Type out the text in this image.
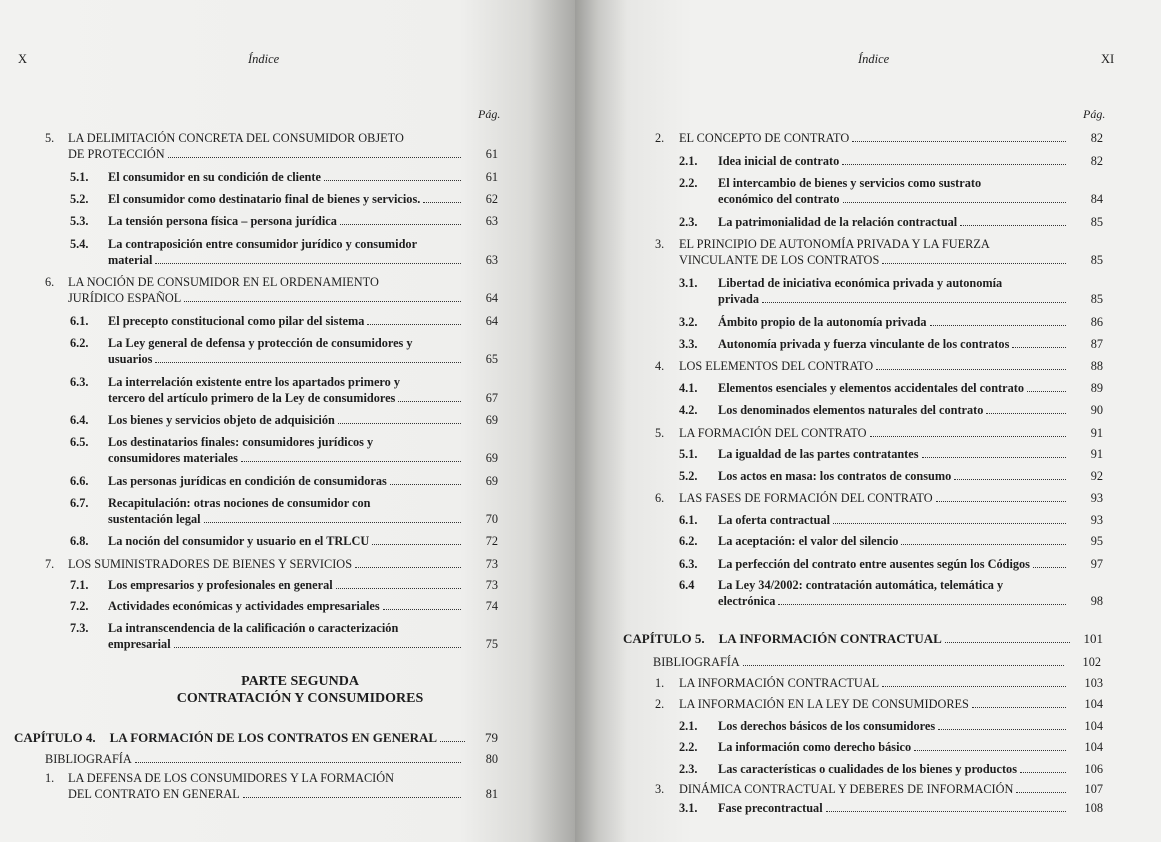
X	Índice
Pág.
5. LA DELIMITACIÓN CONCRETA DEL CONSUMIDOR OBJETO
DE PROTECCIÓN	61
5.1. El consumidor en su condición de cliente	61
5.2. El consumidor como destinatario final de bienes y servicios.	62
5.3. La tensión persona física – persona jurídica	63
5.4. La contraposición entre consumidor jurídico y consumidor
material	63
6. LA NOCIÓN DE CONSUMIDOR EN EL ORDENAMIENTO
JURÍDICO ESPAÑOL	64
6.1. El precepto constitucional como pilar del sistema	64
6.2. La Ley general de defensa y protección de consumidores y
usuarios	65
6.3. La interrelación existente entre los apartados primero y
tercero del artículo primero de la Ley de consumidores	67
6.4. Los bienes y servicios objeto de adquisición	69
6.5. Los destinatarios finales: consumidores jurídicos y
consumidores materiales	69
6.6. Las personas jurídicas en condición de consumidoras	69
6.7. Recapitulación: otras nociones de consumidor con
sustentación legal	70
6.8. La noción del consumidor y usuario en el TRLCU	72
7. LOS SUMINISTRADORES DE BIENES Y SERVICIOS	73
7.1. Los empresarios y profesionales en general	73
7.2. Actividades económicas y actividades empresariales	74
7.3. La intranscendencia de la calificación o caracterización
empresarial	75
PARTE SEGUNDA
CONTRATACIÓN Y CONSUMIDORES
CAPÍTULO 4. LA FORMACIÓN DE LOS CONTRATOS EN GENERAL	79
BIBLIOGRAFÍA	80
1. LA DEFENSA DE LOS CONSUMIDORES Y LA FORMACIÓN
DEL CONTRATO EN GENERAL	81
Índice	XI
Pág.
2. EL CONCEPTO DE CONTRATO	82
2.1. Idea inicial de contrato	82
2.2. El intercambio de bienes y servicios como sustrato
económico del contrato	84
2.3. La patrimonialidad de la relación contractual	85
3. EL PRINCIPIO DE AUTONOMÍA PRIVADA Y LA FUERZA
VINCULANTE DE LOS CONTRATOS	85
3.1. Libertad de iniciativa económica privada y autonomía
privada	85
3.2. Ámbito propio de la autonomía privada	86
3.3. Autonomía privada y fuerza vinculante de los contratos	87
4. LOS ELEMENTOS DEL CONTRATO	88
4.1. Elementos esenciales y elementos accidentales del contrato	89
4.2. Los denominados elementos naturales del contrato	90
5. LA FORMACIÓN DEL CONTRATO	91
5.1. La igualdad de las partes contratantes	91
5.2. Los actos en masa: los contratos de consumo	92
6. LAS FASES DE FORMACIÓN DEL CONTRATO	93
6.1. La oferta contractual	93
6.2. La aceptación: el valor del silencio	95
6.3. La perfección del contrato entre ausentes según los Códigos	97
6.4 La Ley 34/2002: contratación automática, telemática y
electrónica	98
CAPÍTULO 5. LA INFORMACIÓN CONTRACTUAL	101
BIBLIOGRAFÍA	102
1. LA INFORMACIÓN CONTRACTUAL	103
2. LA INFORMACIÓN EN LA LEY DE CONSUMIDORES	104
2.1. Los derechos básicos de los consumidores	104
2.2. La información como derecho básico	104
2.3. Las características o cualidades de los bienes y productos	106
3. DINÁMICA CONTRACTUAL Y DEBERES DE INFORMACIÓN	107
3.1. Fase precontractual	108
